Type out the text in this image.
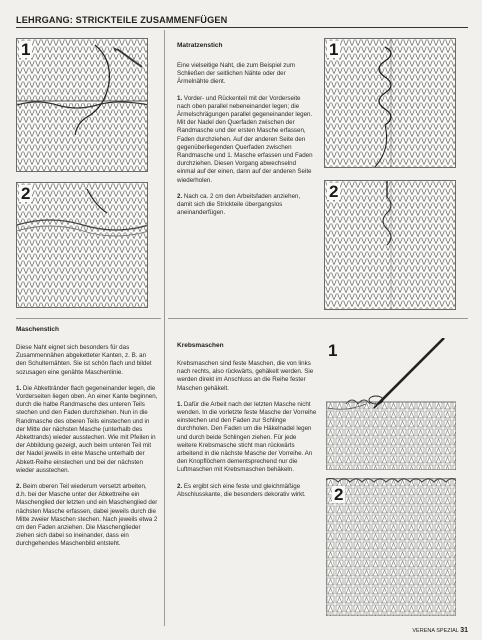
LEHRGANG: STRICKTEILE ZUSAMMENFÜGEN
1
2
1
2
1
2
Matratzenstich

Eine vielseitige Naht, die zum Beispiel zum Schließen der seitlichen Nähte oder der Ärmelnähte dient.

1. Vorder- und Rückenteil mit der Vorderseite nach oben parallel nebeneinander legen; die Ärmelschrägungen parallel gegeneinander legen. Mit der Nadel den Querfaden zwischen der Randmasche und der ersten Masche erfassen, Faden durchziehen. Auf der anderen Seite den gegenüberliegenden Querfaden zwischen Randmasche und 1. Masche erfassen und Faden durchziehen. Diesen Vorgang abwechselnd einmal auf der einen, dann auf der anderen Seite wiederholen.

2. Nach ca. 2 cm den Arbeitsfaden anziehen, damit sich die Strickteile übergangslos aneinanderfügen.

Maschenstich

Diese Naht eignet sich besonders für das Zusammennähen abgeketteter Kanten, z. B. an den Schulternähten. Sie ist schön flach und bildet sozusagen eine genähte Maschenlinie.

1. Die Abkettränder flach gegeneinander legen, die Vorderseiten liegen oben. An einer Kante beginnen, durch die halbe Randmasche des unteren Teils stechen und den Faden durchziehen. Nun in die Randmasche des oberen Teils einstechen und in der Mitte der nächsten Masche (unterhalb des Abkettrands) wieder ausstechen. Wie mit Pfeilen in der Abbildung gezeigt, auch beim unteren Teil mit der Nadel jeweils in eine Masche unterhalb der Abkett-Reihe einstechen und bei der nächsten wieder ausstechen.

2. Beim oberen Teil wiederum versetzt arbeiten, d.h. bei der Masche unter der Abkettreihe ein Maschenglied der letzten und ein Maschenglied der nächsten Masche erfassen, dabei jeweils durch die Mitte zweier Maschen stechen. Nach jeweils etwa 2 cm den Faden anziehen. Die Maschenglieder ziehen sich dabei so ineinander, dass ein durchgehendes Maschenbild entsteht.

Krebsmaschen

Krebsmaschen sind feste Maschen, die von links nach rechts, also rückwärts, gehäkelt werden. Sie werden direkt im Anschluss an die Reihe fester Maschen gehäkelt.

1. Dafür die Arbeit nach der letzten Masche nicht wenden. In die vorletzte feste Masche der Vorreihe einstechen und den Faden zur Schlinge durchholen. Den Faden um die Häkelnadel legen und durch beide Schlingen ziehen. Für jede weitere Krebsmasche sticht man rückwärts arbeitend in die nächste Masche der Vorreihe. An den Knopflöchern dementsprechend nur die Luftmaschen mit Krebsmaschen behäkeln.

2. Es ergibt sich eine feste und gleichmäßige Abschlusskante, die besonders dekorativ wirkt.

VERENA SPEZIAL 31
